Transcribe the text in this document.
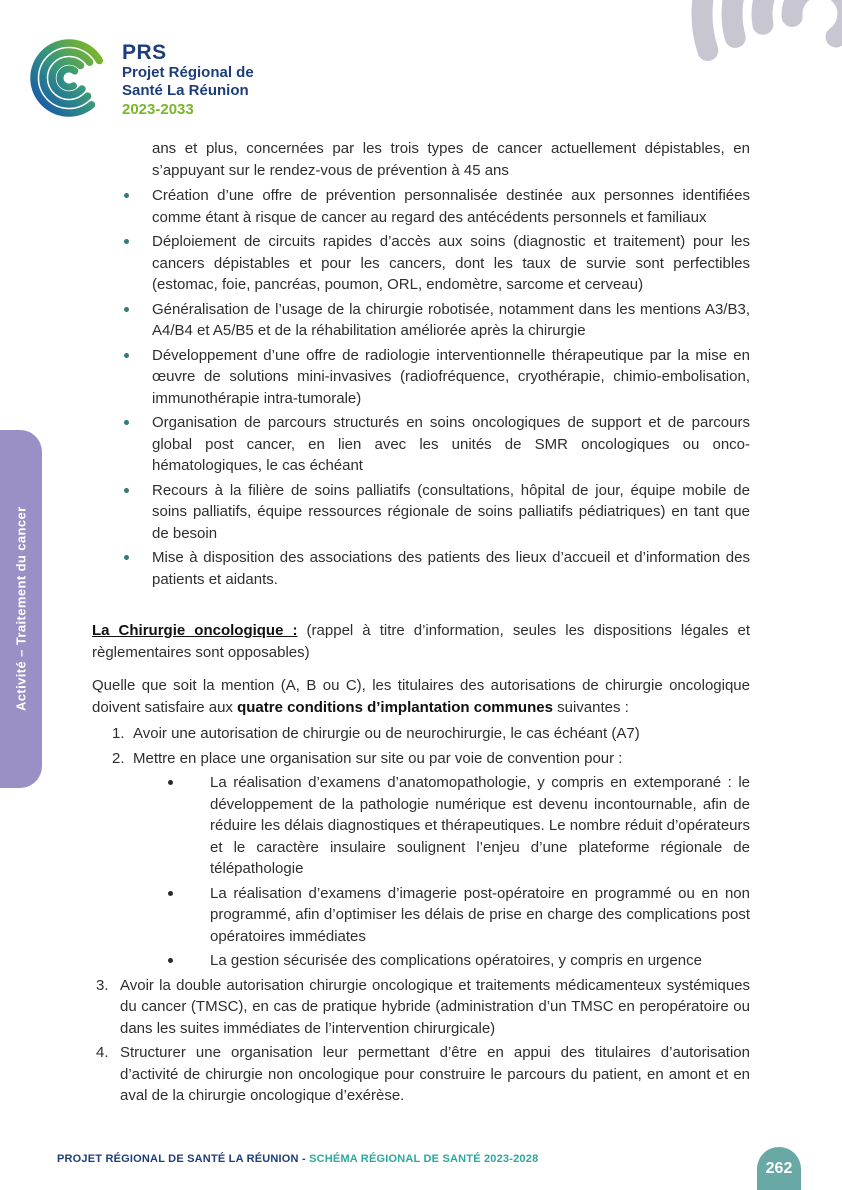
PRS
Projet Régional de
Santé La Réunion
2023-2033
Activité – Traitement du cancer

ans et plus, concernées par les trois types de cancer actuellement dépistables, en s’appuyant sur le rendez-vous de prévention à 45 ans

Création d’une offre de prévention personnalisée destinée aux personnes identifiées comme étant à risque de cancer au regard des antécédents personnels et familiaux
Déploiement de circuits rapides d’accès aux soins (diagnostic et traitement) pour les cancers dépistables et pour les cancers, dont les taux de survie sont perfectibles (estomac, foie, pancréas, poumon, ORL, endomètre, sarcome et cerveau)
Généralisation de l’usage de la chirurgie robotisée, notamment dans les mentions A3/B3, A4/B4 et A5/B5 et de la réhabilitation améliorée après la chirurgie
Développement d’une offre de radiologie interventionnelle thérapeutique par la mise en œuvre de solutions mini-invasives (radiofréquence, cryothérapie, chimio-embolisation, immunothérapie intra-tumorale)
Organisation de parcours structurés en soins oncologiques de support et de parcours global post cancer, en lien avec les unités de SMR oncologiques ou onco-hématologiques, le cas échéant
Recours à la filière de soins palliatifs (consultations, hôpital de jour, équipe mobile de soins palliatifs, équipe ressources régionale de soins palliatifs pédiatriques) en tant que de besoin
Mise à disposition des associations des patients des lieux d’accueil et d’information des patients et aidants.

La Chirurgie oncologique : (rappel à titre d’information, seules les dispositions légales et règlementaires sont opposables)

Quelle que soit la mention (A, B ou C), les titulaires des autorisations de chirurgie oncologique doivent satisfaire aux quatre conditions d’implantation communes suivantes :

1. Avoir une autorisation de chirurgie ou de neurochirurgie, le cas échéant (A7)
2. Mettre en place une organisation sur site ou par voie de convention pour :
La réalisation d’examens d’anatomopathologie, y compris en extemporané : le développement de la pathologie numérique est devenu incontournable, afin de réduire les délais diagnostiques et thérapeutiques. Le nombre réduit d’opérateurs et le caractère insulaire soulignent l’enjeu d’une plateforme régionale de télépathologie
La réalisation d’examens d’imagerie post-opératoire en programmé ou en non programmé, afin d’optimiser les délais de prise en charge des complications post opératoires immédiates
La gestion sécurisée des complications opératoires, y compris en urgence
3. Avoir la double autorisation chirurgie oncologique et traitements médicamenteux systémiques du cancer (TMSC), en cas de pratique hybride (administration d’un TMSC en peropératoire ou dans les suites immédiates de l’intervention chirurgicale)
4. Structurer une organisation leur permettant d’être en appui des titulaires d’autorisation d’activité de chirurgie non oncologique pour construire le parcours du patient, en amont et en aval de la chirurgie oncologique d’exérèse.
PROJET RÉGIONAL DE SANTÉ LA RÉUNION - SCHÉMA RÉGIONAL DE SANTÉ 2023-2028
262
